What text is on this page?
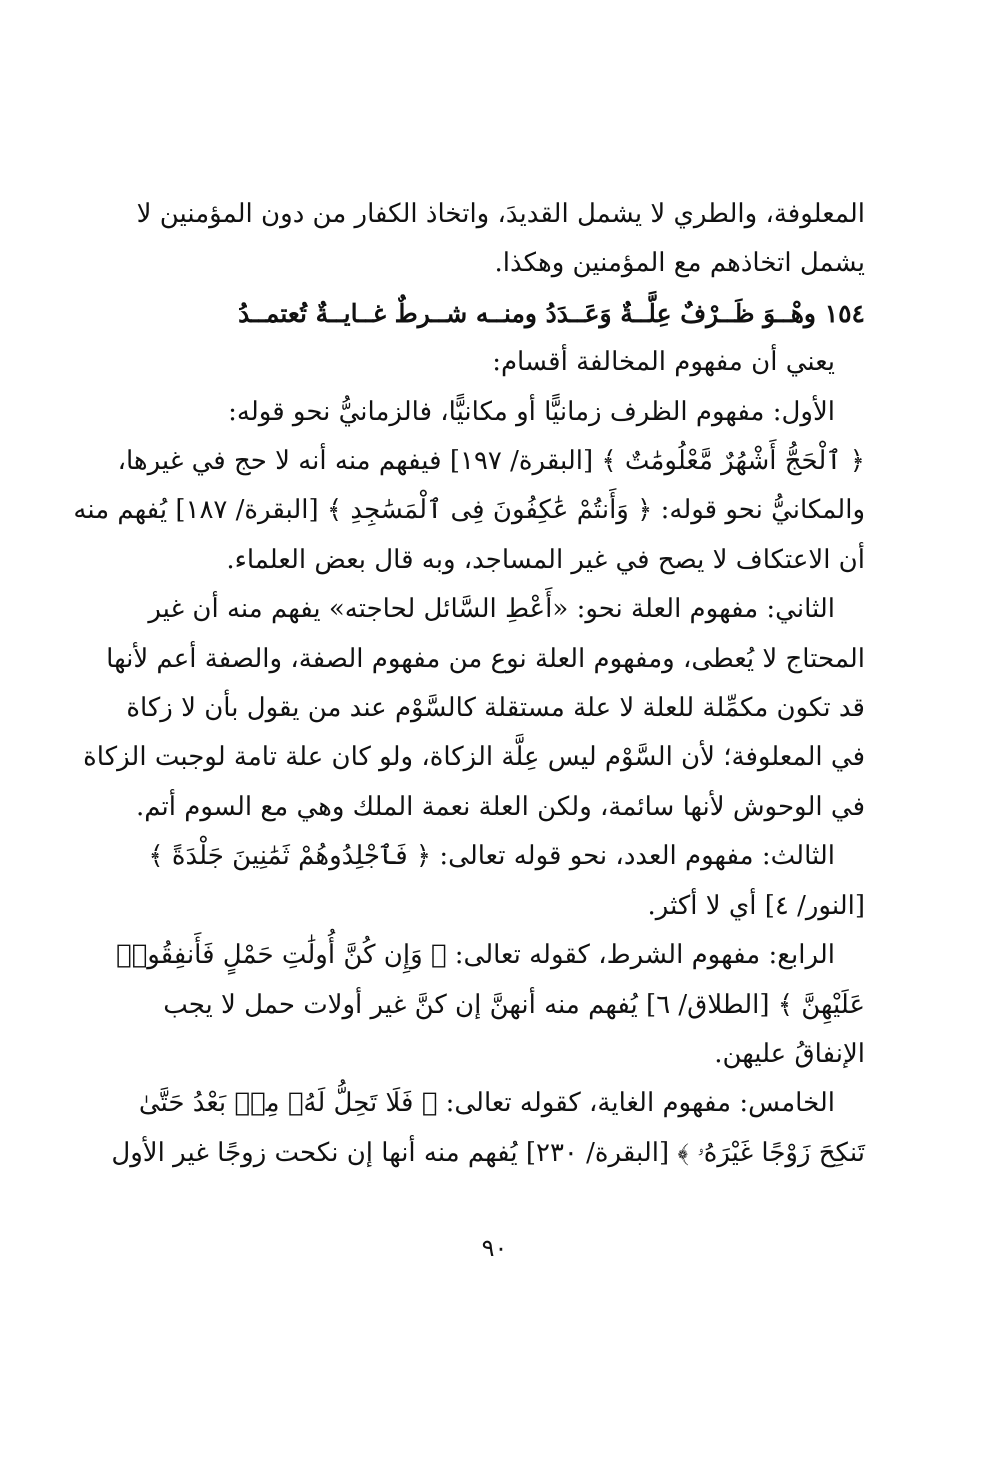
المعلوفة، والطري لا يشمل القديدَ، واتخاذ الكفار من دون المؤمنين لا
يشمل اتخاذهم مع المؤمنين وهكذا.
١٥٤ وهْــوَ ظَــرْفٌ عِلَّــةٌ وَعَــدَدُ ومنــه شــرطٌ غــايــةٌ تُعتمــدُ
يعني أن مفهوم المخالفة أقسام:
الأول: مفهوم الظرف زمانيًّا أو مكانيًّا، فالزمانيُّ نحو قوله:
﴿ ٱلْحَجُّ أَشْهُرٌ مَّعْلُومَٰتٌ ﴾ [البقرة/ ١٩٧] فيفهم منه أنه لا حج في غيرها،
والمكانيُّ نحو قوله: ﴿ وَأَنتُمْ عَٰكِفُونَ فِى ٱلْمَسَٰجِدِ ﴾ [البقرة/ ١٨٧] يُفهم منه
أن الاعتكاف لا يصح في غير المساجد، وبه قال بعض العلماء.
الثاني: مفهوم العلة نحو: «أَعْطِ السَّائل لحاجته» يفهم منه أن غير
المحتاج لا يُعطى، ومفهوم العلة نوع من مفهوم الصفة، والصفة أعم لأنها
قد تكون مكمِّلة للعلة لا علة مستقلة كالسَّوْم عند من يقول بأن لا زكاة
في المعلوفة؛ لأن السَّوْم ليس عِلَّة الزكاة، ولو كان علة تامة لوجبت الزكاة
في الوحوش لأنها سائمة، ولكن العلة نعمة الملك وهي مع السوم أتم.
الثالث: مفهوم العدد، نحو قوله تعالى: ﴿ فَٱجْلِدُوهُمْ ثَمَٰنِينَ جَلْدَةً ﴾
[النور/ ٤] أي لا أكثر.
الرابع: مفهوم الشرط، كقوله تعالى: ﴿ وَإِن كُنَّ أُولَٰتِ حَمْلٍ فَأَنفِقُوا۟
عَلَيْهِنَّ ﴾ [الطلاق/ ٦] يُفهم منه أنهنَّ إن كنَّ غير أولات حمل لا يجب
الإنفاقُ عليهن.
الخامس: مفهوم الغاية، كقوله تعالى: ﴿ فَلَا تَحِلُّ لَهُۥ مِنۢ بَعْدُ حَتَّىٰ
تَنكِحَ زَوْجًا غَيْرَهُۥ ﴾ [البقرة/ ٢٣٠] يُفهم منه أنها إن نكحت زوجًا غير الأول
٩٠
